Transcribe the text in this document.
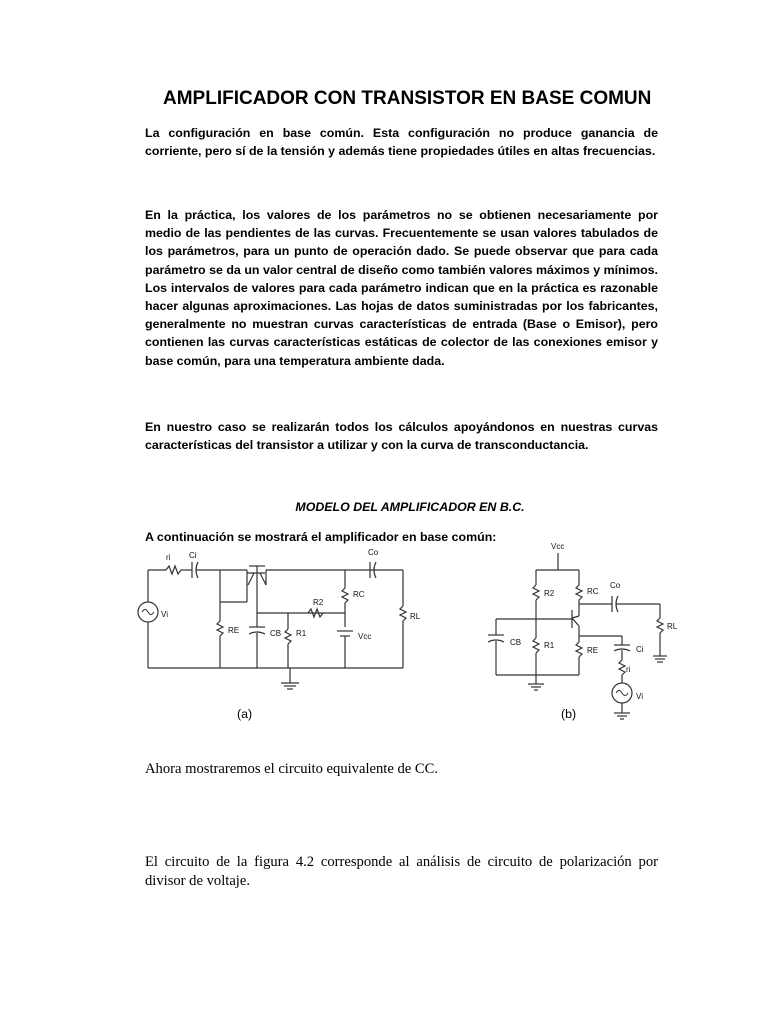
AMPLIFICADOR CON TRANSISTOR EN BASE COMUN

La configuración en base común. Esta configuración no produce ganancia de corriente, pero sí de la tensión y además tiene propiedades útiles en altas frecuencias.

En la práctica, los valores de los parámetros no se obtienen necesariamente por medio de las pendientes de las curvas. Frecuentemente se usan valores tabulados de los parámetros, para un punto de operación dado. Se puede observar que para cada parámetro se da un valor central de diseño como también valores máximos y mínimos. Los intervalos de valores para cada parámetro indican que en la práctica es razonable hacer algunas aproximaciones. Las hojas de datos suministradas por los fabricantes, generalmente no muestran curvas características de entrada (Base o Emisor), pero contienen las curvas características estáticas de colector de las conexiones emisor y base común, para una temperatura ambiente dada.

En nuestro caso se realizarán todos los cálculos apoyándonos en nuestras curvas características del transistor a utilizar y con la curva de transconductancia.

MODELO DEL AMPLIFICADOR EN B.C.
A continuación se mostrará el amplificador en base común:
ri Ci
Vi
RE	CB R1
R2
RC
Co
Vcc
RL
Vcc
R2	RC
Co
RL
CB	R1
RE	Ci
ri
Vi
(a)	(b)

Ahora mostraremos el circuito equivalente de CC.

El circuito de la figura 4.2 corresponde al análisis de circuito de polarización por divisor de voltaje.
